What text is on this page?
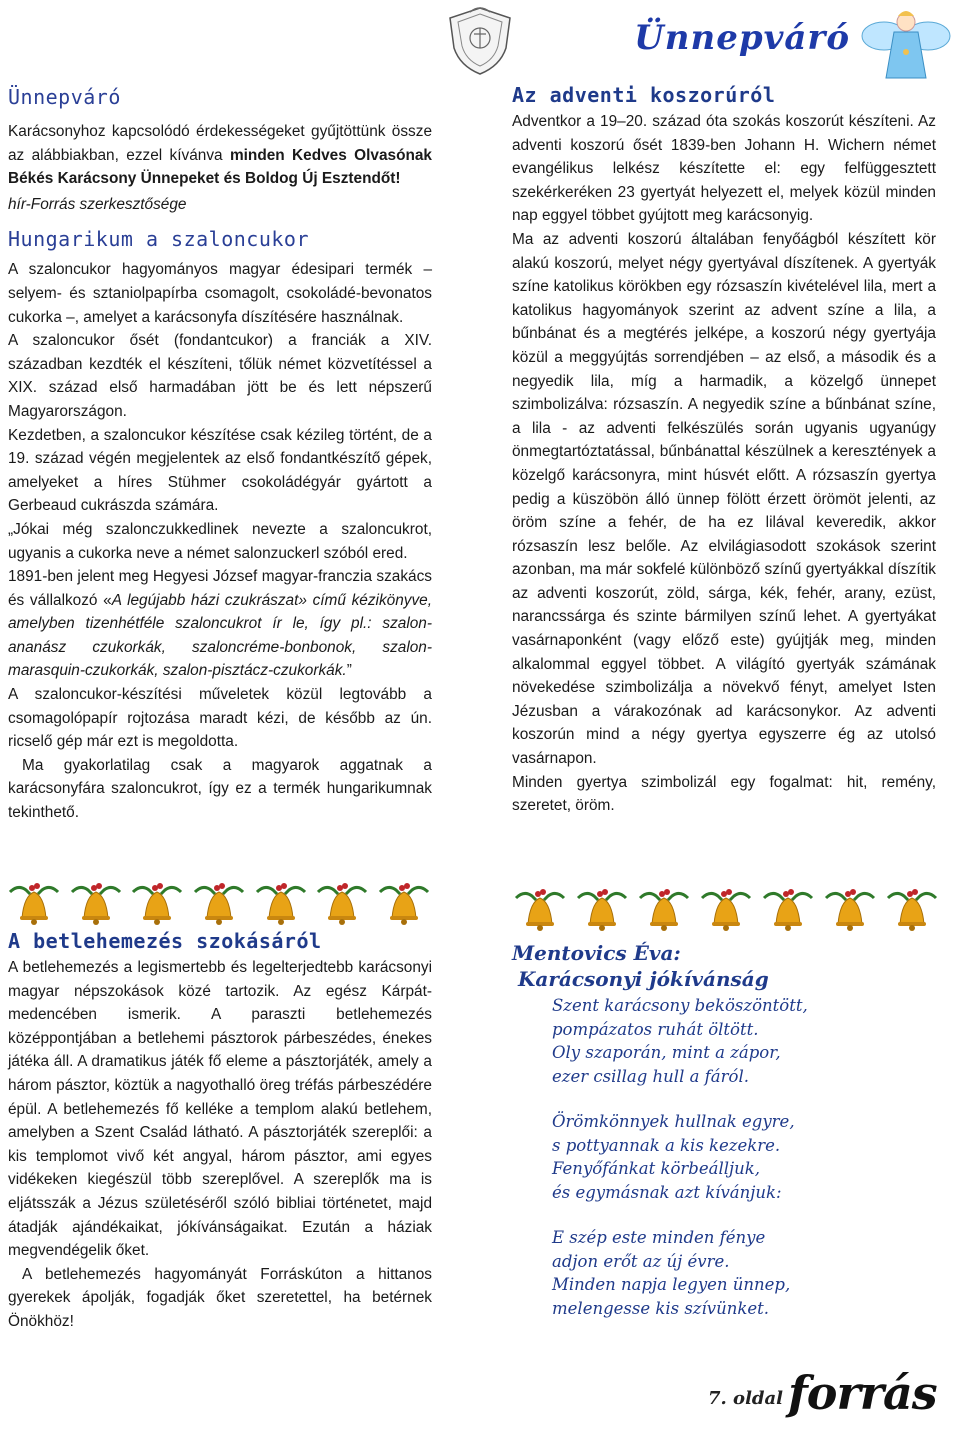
Ünnepváró
Ünnepváró

Karácsonyhoz kapcsolódó érdekességeket gyűjtöttünk össze az alábbiakban, ezzel kívánva minden Kedves Olvasónak Békés Karácsony Ünnepeket és Boldog Új Esztendőt!

hír-Forrás szerkesztősége

Hungarikum a szaloncukor

A szaloncukor hagyományos magyar édesipari termék – selyem- és sztaniolpapírba csomagolt, csokoládé-bevonatos cukorka –, amelyet a karácsonyfa díszítésére használnak.

A szaloncukor ősét (fondantcukor) a franciák a XIV. században kezdték el készíteni, tőlük német közvetítéssel a XIX. század első harmadában jött be és lett népszerű Magyarországon.

Kezdetben, a szaloncukor készítése csak kézileg történt, de a 19. század végén megjelentek az első fondantkészítő gépek, amelyeket a híres Stühmer csokoládégyár gyártott a Gerbeaud cukrászda számára.

„Jókai még szalonczukkedlinek nevezte a szaloncukrot, ugyanis a cukorka neve a német salonzuckerl szóból ered.

1891-ben jelent meg Hegyesi József magyar-franczia szakács és vállalkozó «A legújabb házi czukrászat» című kézikönyve, amelyben tizenhétféle szaloncukrot ír le, így pl.: szalon-ananász czukorkák, szaloncréme-bonbonok, szalon-marasquin-czukorkák, szalon-pisztácz-czukorkák.”

A szaloncukor-készítési műveletek közül legtovább a csomagolópapír rojtozása maradt kézi, de később az ún. ricselő gép már ezt is megoldotta.

Ma gyakorlatilag csak a magyarok aggatnak a karácsonyfára szaloncukrot, így ez a termék hungarikumnak tekinthető.

A betlehemezés szokásáról

A betlehemezés a legismertebb és legelterjedtebb karácsonyi magyar népszokások közé tartozik. Az egész Kárpát-medencében ismerik. A paraszti betlehemezés középpontjában a betlehemi pásztorok párbeszédes, énekes játéka áll. A dramatikus játék fő eleme a pásztorjáték, amely a három pásztor, köztük a nagyothalló öreg tréfás párbeszédére épül. A betlehemezés fő kelléke a templom alakú betlehem, amelyben a Szent Család látható. A pásztorjáték szereplői: a kis templomot vivő két angyal, három pásztor, ami egyes vidékeken kiegészül több szereplővel. A szereplők ma is eljátsszák a Jézus születéséről szóló bibliai történetet, majd átadják ajándékaikat, jókívánságaikat. Ezután a háziak megvendégelik őket.

A betlehemezés hagyományát Forráskúton a hittanos gyerekek ápolják, fogadják őket szeretettel, ha betérnek Önökhöz!

Az adventi koszorúról

Adventkor a 19–20. század óta szokás koszorút készíteni. Az adventi koszorú ősét 1839-ben Johann H. Wichern német evangélikus lelkész készítette el: egy felfüggesztett szekérkeréken 23 gyertyát helyezett el, melyek közül minden nap eggyel többet gyújtott meg karácsonyig.

Ma az adventi koszorú általában fenyőágból készített kör alakú koszorú, melyet négy gyertyával díszítenek. A gyertyák színe katolikus körökben egy rózsaszín kivételével lila, mert a katolikus hagyományok szerint az advent színe a lila, a bűnbánat és a megtérés jelképe, a koszorú négy gyertyája közül a meggyújtás sorrendjében – az első, a második és a negyedik lila, míg a harmadik, a közelgő ünnepet szimbolizálva: rózsaszín. A negyedik színe a bűnbánat színe, a lila - az adventi felkészülés során ugyanis ugyanúgy önmegtartóztatással, bűnbánattal készülnek a keresztények a közelgő karácsonyra, mint húsvét előtt. A rózsaszín gyertya pedig a küszöbön álló ünnep fölött érzett örömöt jelenti, az öröm színe a fehér, de ha ez lilával keveredik, akkor rózsaszín lesz belőle. Az elvilágiasodott szokások szerint azonban, ma már sokfelé különböző színű gyertyákkal díszítik az adventi koszorút, zöld, sárga, kék, fehér, arany, ezüst, narancssárga és szinte bármilyen színű lehet. A gyertyákat vasárnaponként (vagy előző este) gyújtják meg, minden alkalommal eggyel többet. A világító gyertyák számának növekedése szimbolizálja a növekvő fényt, amelyet Isten Jézusban a várakozónak ad karácsonykor. Az adventi koszorún mind a négy gyertya egyszerre ég az utolsó vasárnapon.

Minden gyertya szimbolizál egy fogalmat: hit, remény, szeretet, öröm.

Mentovics Éva:
Karácsonyi jókívánság
Szent karácsony beköszöntött,
pompázatos ruhát öltött.
Oly szaporán, mint a zápor,
ezer csillag hull a fáról.
Örömkönnyek hullnak egyre,
s pottyannak a kis kezekre.
Fenyőfánkat körbeálljuk,
és egymásnak azt kívánjuk:
E szép este minden fénye
adjon erőt az új évre.
Minden napja legyen ünnep,
melengesse kis szívünket.
7. oldal forrás
